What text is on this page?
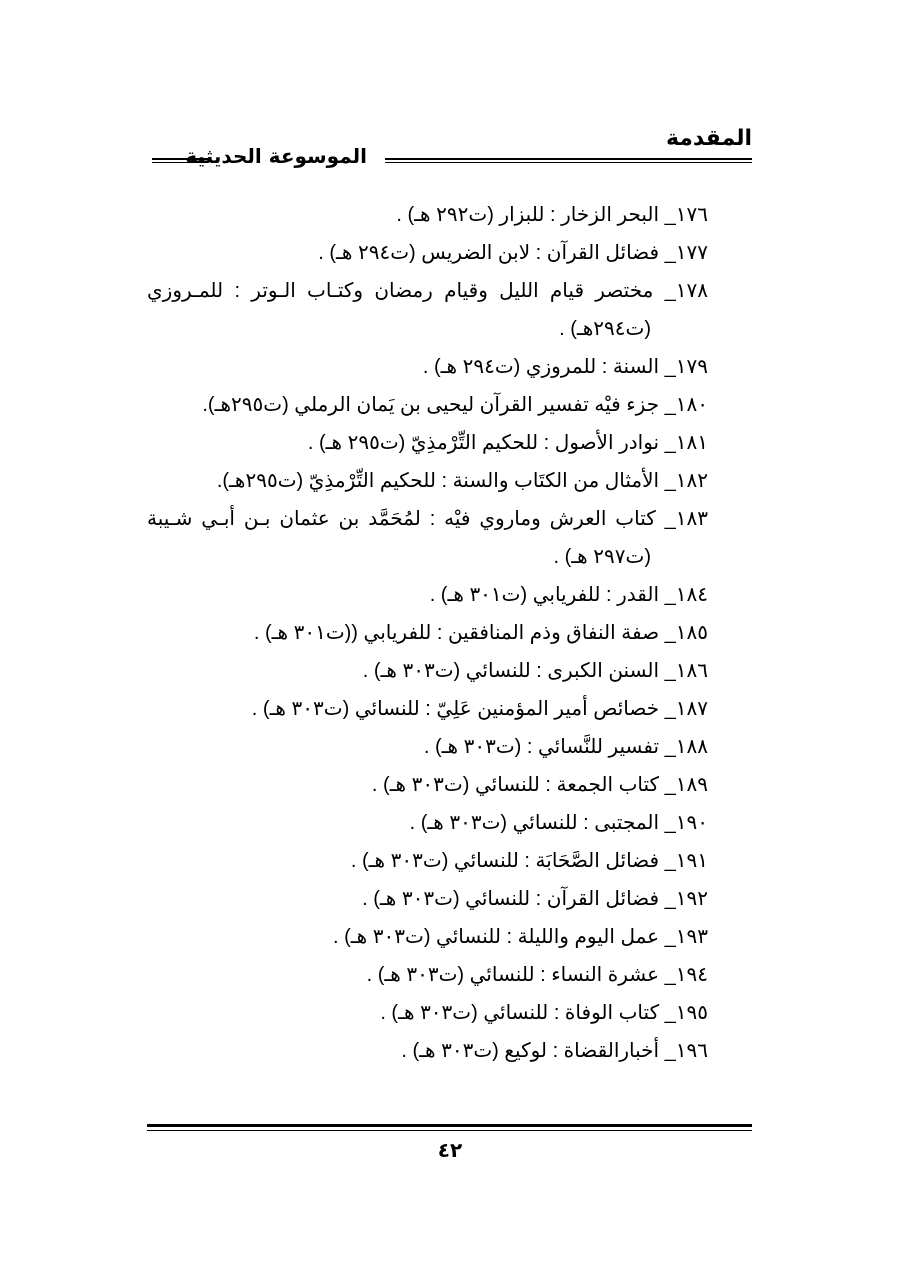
المقدمة
الموسوعة الحديثية

١٧٦_ البحر الزخار : للبزار (ت٢٩٢ هـ) .

١٧٧_ فضائل القرآن : لابن الضريس (ت٢٩٤ هـ) .

١٧٨_ مختصر قيام الليل وقيام رمضان وكتـاب الـوتر : للمـروزي

(ت٢٩٤هـ) .

١٧٩_ السنة : للمروزي (ت٢٩٤ هـ) .

١٨٠_ جزء فيْه تفسير القرآن ليحيى بن يَمان الرملي (ت٢٩٥هـ).

١٨١_ نوادر الأصول : للحكيم التِّرْمذِيّ (ت٢٩٥ هـ) .

١٨٢_ الأمثال من الكتَاب والسنة : للحكيم التِّرْمذِيّ (ت٢٩٥هـ).

١٨٣_ كتاب العرش وماروي فيْه : لمُحَمَّد بن عثمان بـن أبـي شـيبة

(ت٢٩٧ هـ) .

١٨٤_ القدر : للفريابي (ت٣٠١ هـ) .

١٨٥_ صفة النفاق وذم المنافقين : للفريابي ((ت٣٠١ هـ) .

١٨٦_ السنن الكبرى : للنسائي (ت٣٠٣ هـ) .

١٨٧_ خصائص أمير المؤمنين عَلِيّ : للنسائي (ت٣٠٣ هـ) .

١٨٨_ تفسير للنَّسائي : (ت٣٠٣ هـ) .

١٨٩_ كتاب الجمعة : للنسائي (ت٣٠٣ هـ) .

١٩٠_ المجتبى : للنسائي (ت٣٠٣ هـ) .

١٩١_ فضائل الصَّحَابَة : للنسائي (ت٣٠٣ هـ) .

١٩٢_ فضائل القرآن : للنسائي (ت٣٠٣ هـ) .

١٩٣_ عمل اليوم والليلة : للنسائي (ت٣٠٣ هـ) .

١٩٤_ عشرة النساء : للنسائي (ت٣٠٣ هـ) .

١٩٥_ كتاب الوفاة : للنسائي (ت٣٠٣ هـ) .

١٩٦_ أخبارالقضاة : لوكيع (ت٣٠٣ هـ) .

٤٢
